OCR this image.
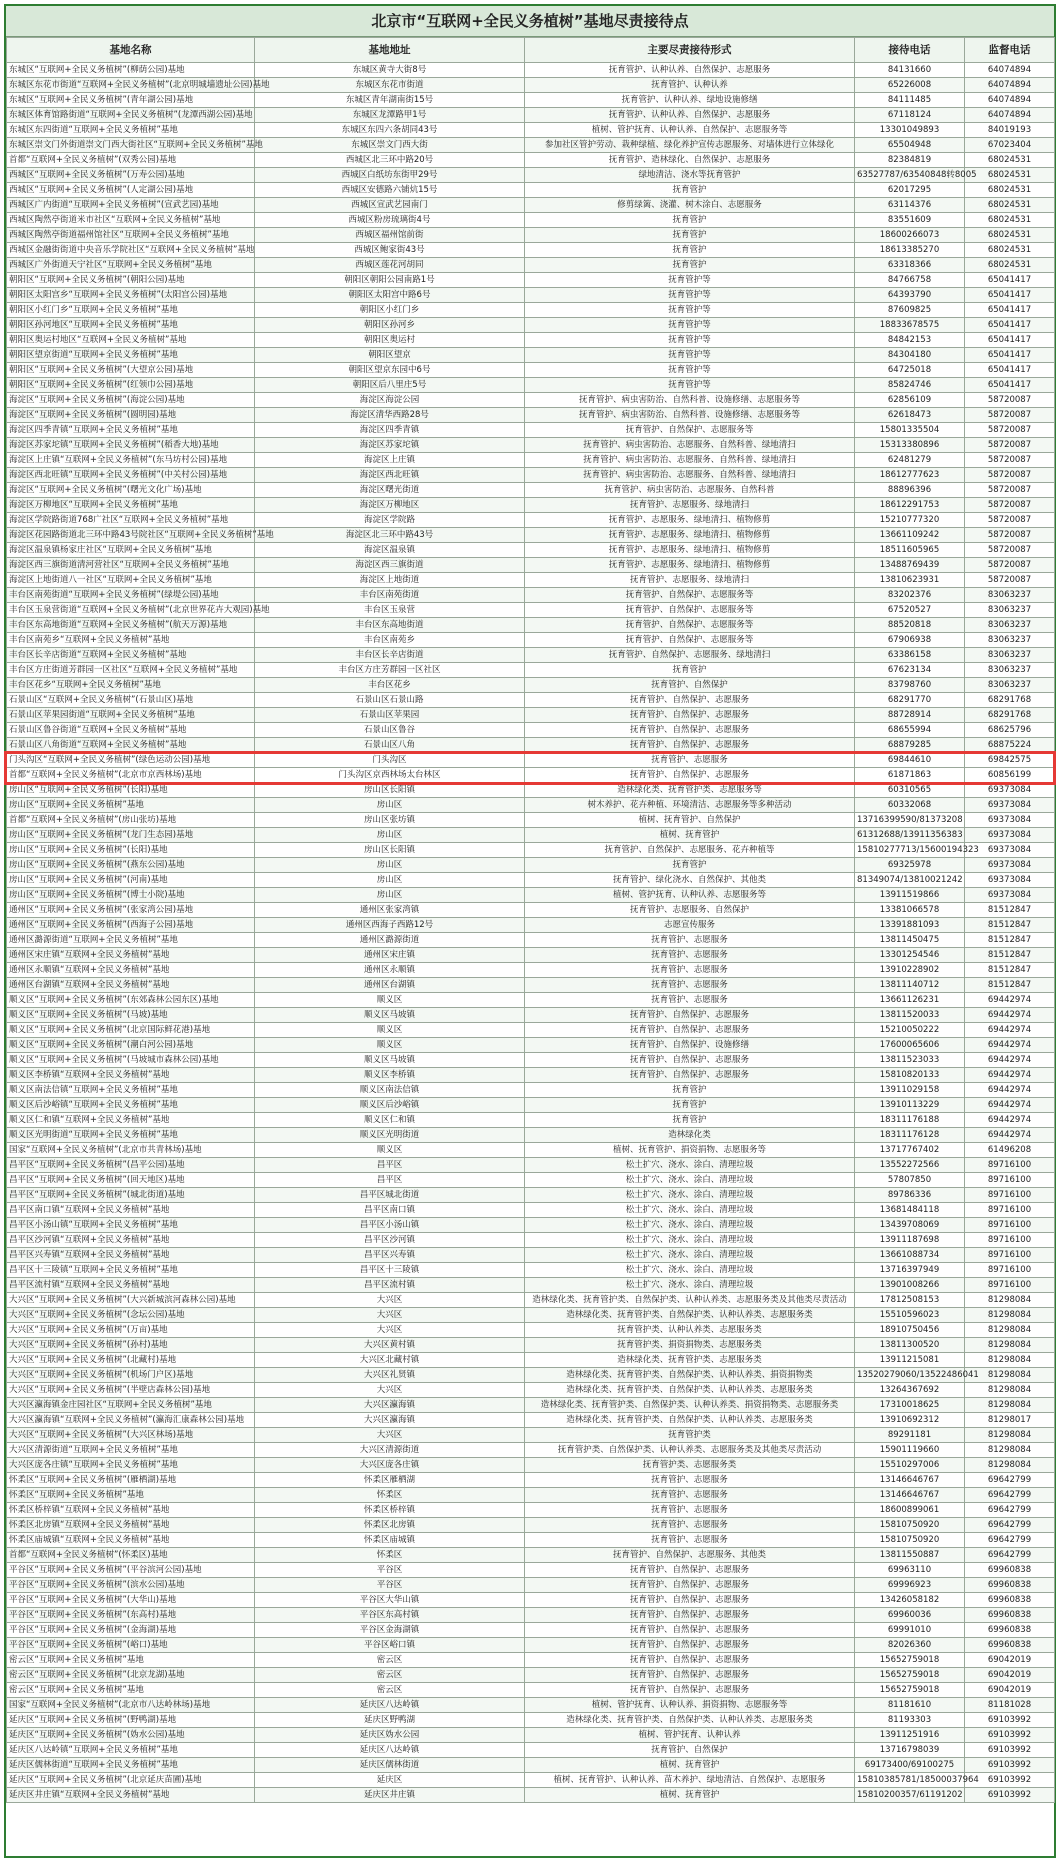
北京市“互联网+全民义务植树”基地尽责接待点
基地名称	基地地址	主要尽责接待形式	接待电话	监督电话
东城区“互联网+全民义务植树”(柳荫公园)基地	东城区黄寺大街8号	抚育管护、认种认养、自然保护、志愿服务	84131660	64074894
东城区东花市街道“互联网+全民义务植树”(北京明城墙遗址公园)基地	东城区东花市街道	抚育管护、认种认养	65226008	64074894
东城区“互联网+全民义务植树”(青年湖公园)基地	东城区青年湖南街15号	抚育管护、认种认养、绿地设施修缮	84111485	64074894
东城区体育馆路街道“互联网+全民义务植树”(龙潭西湖公园)基地	东城区龙潭路甲1号	抚育管护、认种认养、自然保护、志愿服务	67118124	64074894
东城区东四街道“互联网+全民义务植树”基地	东城区东四六条胡同43号	植树、管护抚育、认种认养、自然保护、志愿服务等	13301049893	84019193
东城区崇文门外街道崇文门西大街社区“互联网+全民义务植树”基地	东城区崇文门西大街	参加社区管护劳动、栽种绿植、绿化养护宣传志愿服务、对墙体进行立体绿化	65504948	67023404
首都“互联网+全民义务植树”(双秀公园)基地	西城区北三环中路20号	抚育管护、造林绿化、自然保护、志愿服务	82384819	68024531
西城区“互联网+全民义务植树”(万寿公园)基地	西城区白纸坊东街甲29号	绿地清洁、浇水等抚育管护	63527787/63540848转8005	68024531
西城区“互联网+全民义务植树”(人定湖公园)基地	西城区安德路六铺炕15号	抚育管护	62017295	68024531
西城区广内街道“互联网+全民义务植树”(宣武艺园)基地	西城区宣武艺园南门	修剪绿篱、浇灌、树木涂白、志愿服务	63114376	68024531
西城区陶然亭街道米市社区“互联网+全民义务植树”基地	西城区粉房琉璃街4号	抚育管护	83551609	68024531
西城区陶然亭街道福州馆社区“互联网+全民义务植树”基地	西城区福州馆前街	抚育管护	18600266073	68024531
西城区金融街街道中央音乐学院社区“互联网+全民义务植树”基地	西城区鲍家街43号	抚育管护	18613385270	68024531
西城区广外街道天宁社区“互联网+全民义务植树”基地	西城区莲花河胡同	抚育管护	63318366	68024531
朝阳区“互联网+全民义务植树”(朝阳公园)基地	朝阳区朝阳公园南路1号	抚育管护等	84766758	65041417
朝阳区太阳宫乡“互联网+全民义务植树”(太阳宫公园)基地	朝阳区太阳宫中路6号	抚育管护等	64393790	65041417
朝阳区小红门乡“互联网+全民义务植树”基地	朝阳区小红门乡	抚育管护等	87609825	65041417
朝阳区孙河地区“互联网+全民义务植树”基地	朝阳区孙河乡	抚育管护等	18833678575	65041417
朝阳区奥运村地区“互联网+全民义务植树”基地	朝阳区奥运村	抚育管护等	84842153	65041417
朝阳区望京街道“互联网+全民义务植树”基地	朝阳区望京	抚育管护等	84304180	65041417
朝阳区“互联网+全民义务植树”(大望京公园)基地	朝阳区望京东园中6号	抚育管护等	64725018	65041417
朝阳区“互联网+全民义务植树”(红领巾公园)基地	朝阳区后八里庄5号	抚育管护等	85824746	65041417
海淀区“互联网+全民义务植树”(海淀公园)基地	海淀区海淀公园	抚育管护、病虫害防治、自然科普、设施修缮、志愿服务等	62856109	58720087
海淀区“互联网+全民义务植树”(圆明园)基地	海淀区清华西路28号	抚育管护、病虫害防治、自然科普、设施修缮、志愿服务等	62618473	58720087
海淀区四季青镇“互联网+全民义务植树”基地	海淀区四季青镇	抚育管护、自然保护、志愿服务等	15801335504	58720087
海淀区苏家坨镇“互联网+全民义务植树”(稻香大地)基地	海淀区苏家坨镇	抚育管护、病虫害防治、志愿服务、自然科普、绿地清扫	15313380896	58720087
海淀区上庄镇“互联网+全民义务植树”(东马坊村公园)基地	海淀区上庄镇	抚育管护、病虫害防治、志愿服务、自然科普、绿地清扫	62481279	58720087
海淀区西北旺镇“互联网+全民义务植树”(中关村公园)基地	海淀区西北旺镇	抚育管护、病虫害防治、志愿服务、自然科普、绿地清扫	18612777623	58720087
海淀区“互联网+全民义务植树”(曙光文化广场)基地	海淀区曙光街道	抚育管护、病虫害防治、志愿服务、自然科普	88896396	58720087
海淀区万柳地区“互联网+全民义务植树”基地	海淀区万柳地区	抚育管护、志愿服务、绿地清扫	18612291753	58720087
海淀区学院路街道768广社区“互联网+全民义务植树”基地	海淀区学院路	抚育管护、志愿服务、绿地清扫、植物修剪	15210777320	58720087
海淀区花园路街道北三环中路43号院社区“互联网+全民义务植树”基地	海淀区北三环中路43号	抚育管护、志愿服务、绿地清扫、植物修剪	13661109242	58720087
海淀区温泉镇杨家庄社区“互联网+全民义务植树”基地	海淀区温泉镇	抚育管护、志愿服务、绿地清扫、植物修剪	18511605965	58720087
海淀区西三旗街道清河营社区“互联网+全民义务植树”基地	海淀区西三旗街道	抚育管护、志愿服务、绿地清扫、植物修剪	13488769439	58720087
海淀区上地街道八一社区“互联网+全民义务植树”基地	海淀区上地街道	抚育管护、志愿服务、绿地清扫	13810623931	58720087
丰台区南苑街道“互联网+全民义务植树”(绿堤公园)基地	丰台区南苑街道	抚育管护、自然保护、志愿服务等	83202376	83063237
丰台区玉泉营街道“互联网+全民义务植树”(北京世界花卉大观园)基地	丰台区玉泉营	抚育管护、自然保护、志愿服务等	67520527	83063237
丰台区东高地街道“互联网+全民义务植树”(航天万源)基地	丰台区东高地街道	抚育管护、自然保护、志愿服务等	88520818	83063237
丰台区南苑乡“互联网+全民义务植树”基地	丰台区南苑乡	抚育管护、自然保护、志愿服务等	67906938	83063237
丰台区长辛店街道“互联网+全民义务植树”基地	丰台区长辛店街道	抚育管护、自然保护、志愿服务、绿地清扫	63386158	83063237
丰台区方庄街道芳群园一区社区“互联网+全民义务植树”基地	丰台区方庄芳群园一区社区	抚育管护	67623134	83063237
丰台区花乡“互联网+全民义务植树”基地	丰台区花乡	抚育管护、自然保护	83798760	83063237
石景山区“互联网+全民义务植树”(石景山区)基地	石景山区石景山路	抚育管护、自然保护、志愿服务	68291770	68291768
石景山区苹果园街道“互联网+全民义务植树”基地	石景山区苹果园	抚育管护、自然保护、志愿服务	88728914	68291768
石景山区鲁谷街道“互联网+全民义务植树”基地	石景山区鲁谷	抚育管护、自然保护、志愿服务	68655994	68625796
石景山区八角街道“互联网+全民义务植树”基地	石景山区八角	抚育管护、自然保护、志愿服务	68879285	68875224
门头沟区“互联网+全民义务植树”(绿色运动公园)基地	门头沟区	抚育管护、志愿服务	69844610	69842575
首都“互联网+全民义务植树”(北京市京西林场)基地	门头沟区京西林场太台林区	抚育管护、自然保护、志愿服务	61871863	60856199
房山区“互联网+全民义务植树”(长阳)基地	房山区长阳镇	造林绿化类、抚育管护类、志愿服务等	60310565	69373084
房山区“互联网+全民义务植树”基地	房山区	树木养护、花卉种植、环境清洁、志愿服务等多种活动	60332068	69373084
首都“互联网+全民义务植树”(房山张坊)基地	房山区张坊镇	植树、抚育管护、自然保护	13716399590/81373208	69373084
房山区“互联网+全民义务植树”(龙门生态园)基地	房山区	植树、抚育管护	61312688/13911356383	69373084
房山区“互联网+全民义务植树”(长阳)基地	房山区长阳镇	抚育管护、自然保护、志愿服务、花卉种植等	15810277713/15600194323	69373084
房山区“互联网+全民义务植树”(燕东公园)基地	房山区	抚育管护	69325978	69373084
房山区“互联网+全民义务植树”(河南)基地	房山区	抚育管护、绿化浇水、自然保护、其他类	81349074/13810021242	69373084
房山区“互联网+全民义务植树”(博士小院)基地	房山区	植树、管护抚育、认种认养、志愿服务等	13911519866	69373084
通州区“互联网+全民义务植树”(张家湾公园)基地	通州区张家湾镇	抚育管护、志愿服务、自然保护	13381066578	81512847
通州区“互联网+全民义务植树”(西海子公园)基地	通州区西海子西路12号	志愿宣传服务	13391881093	81512847
通州区潞源街道“互联网+全民义务植树”基地	通州区潞源街道	抚育管护、志愿服务	13811450475	81512847
通州区宋庄镇“互联网+全民义务植树”基地	通州区宋庄镇	抚育管护、志愿服务	13301254546	81512847
通州区永顺镇“互联网+全民义务植树”基地	通州区永顺镇	抚育管护、志愿服务	13910228902	81512847
通州区台湖镇“互联网+全民义务植树”基地	通州区台湖镇	抚育管护、志愿服务	13811140712	81512847
顺义区“互联网+全民义务植树”(东郊森林公园东区)基地	顺义区	抚育管护、志愿服务	13661126231	69442974
顺义区“互联网+全民义务植树”(马坡)基地	顺义区马坡镇	抚育管护、自然保护、志愿服务	13811520033	69442974
顺义区“互联网+全民义务植树”(北京国际鲜花港)基地	顺义区	抚育管护、自然保护、志愿服务	15210050222	69442974
顺义区“互联网+全民义务植树”(潮白河公园)基地	顺义区	抚育管护、自然保护、设施修缮	17600065606	69442974
顺义区“互联网+全民义务植树”(马坡城市森林公园)基地	顺义区马坡镇	抚育管护、自然保护、志愿服务	13811523033	69442974
顺义区李桥镇“互联网+全民义务植树”基地	顺义区李桥镇	抚育管护、自然保护、志愿服务	15810820133	69442974
顺义区南法信镇“互联网+全民义务植树”基地	顺义区南法信镇	抚育管护	13911029158	69442974
顺义区后沙峪镇“互联网+全民义务植树”基地	顺义区后沙峪镇	抚育管护	13910113229	69442974
顺义区仁和镇“互联网+全民义务植树”基地	顺义区仁和镇	抚育管护	18311176188	69442974
顺义区光明街道“互联网+全民义务植树”基地	顺义区光明街道	造林绿化类	18311176128	69442974
国家“互联网+全民义务植树”(北京市共青林场)基地	顺义区	植树、抚育管护、捐资捐物、志愿服务等	13717767402	61496208
昌平区“互联网+全民义务植树”(昌平公园)基地	昌平区	松土扩穴、浇水、涂白、清理垃圾	13552272566	89716100
昌平区“互联网+全民义务植树”(回天地区)基地	昌平区	松土扩穴、浇水、涂白、清理垃圾	57807850	89716100
昌平区“互联网+全民义务植树”(城北街道)基地	昌平区城北街道	松土扩穴、浇水、涂白、清理垃圾	89786336	89716100
昌平区南口镇“互联网+全民义务植树”基地	昌平区南口镇	松土扩穴、浇水、涂白、清理垃圾	13681484118	89716100
昌平区小汤山镇“互联网+全民义务植树”基地	昌平区小汤山镇	松土扩穴、浇水、涂白、清理垃圾	13439708069	89716100
昌平区沙河镇“互联网+全民义务植树”基地	昌平区沙河镇	松土扩穴、浇水、涂白、清理垃圾	13911187698	89716100
昌平区兴寿镇“互联网+全民义务植树”基地	昌平区兴寿镇	松土扩穴、浇水、涂白、清理垃圾	13661088734	89716100
昌平区十三陵镇“互联网+全民义务植树”基地	昌平区十三陵镇	松土扩穴、浇水、涂白、清理垃圾	13716397949	89716100
昌平区流村镇“互联网+全民义务植树”基地	昌平区流村镇	松土扩穴、浇水、涂白、清理垃圾	13901008266	89716100
大兴区“互联网+全民义务植树”(大兴新城滨河森林公园)基地	大兴区	造林绿化类、抚育管护类、自然保护类、认种认养类、志愿服务类及其他类尽责活动	17812508153	81298084
大兴区“互联网+全民义务植树”(念坛公园)基地	大兴区	造林绿化类、抚育管护类、自然保护类、认种认养类、志愿服务类	15510596023	81298084
大兴区“互联网+全民义务植树”(万亩)基地	大兴区	抚育管护类、认种认养类、志愿服务类	18910750456	81298084
大兴区“互联网+全民义务植树”(孙村)基地	大兴区黄村镇	抚育管护类、捐资捐物类、志愿服务类	13811300520	81298084
大兴区“互联网+全民义务植树”(北藏村)基地	大兴区北藏村镇	造林绿化类、抚育管护类、志愿服务类	13911215081	81298084
大兴区“互联网+全民义务植树”(机场门户区)基地	大兴区礼贤镇	造林绿化类、抚育管护类、自然保护类、认种认养类、捐资捐物类	13520279060/13522486041	81298084
大兴区“互联网+全民义务植树”(半壁店森林公园)基地	大兴区	造林绿化类、抚育管护类、自然保护类、认种认养类、志愿服务类	13264367692	81298084
大兴区瀛海镇金庄园社区“互联网+全民义务植树”基地	大兴区瀛海镇	造林绿化类、抚育管护类、自然保护类、认种认养类、捐资捐物类、志愿服务类	17310018625	81298084
大兴区瀛海镇“互联网+全民义务植树”(瀛海汇康森林公园)基地	大兴区瀛海镇	造林绿化类、抚育管护类、自然保护类、认种认养类、志愿服务类	13910692312	81298017
大兴区“互联网+全民义务植树”(大兴区林场)基地	大兴区	抚育管护类	89291181	81298084
大兴区清源街道“互联网+全民义务植树”基地	大兴区清源街道	抚育管护类、自然保护类、认种认养类、志愿服务类及其他类尽责活动	15901119660	81298084
大兴区庞各庄镇“互联网+全民义务植树”基地	大兴区庞各庄镇	抚育管护类、志愿服务类	15510297006	81298084
怀柔区“互联网+全民义务植树”(雁栖湖)基地	怀柔区雁栖湖	抚育管护、志愿服务	13146646767	69642799
怀柔区“互联网+全民义务植树”基地	怀柔区	抚育管护、志愿服务	13146646767	69642799
怀柔区桥梓镇“互联网+全民义务植树”基地	怀柔区桥梓镇	抚育管护、志愿服务	18600899061	69642799
怀柔区北房镇“互联网+全民义务植树”基地	怀柔区北房镇	抚育管护、志愿服务	15810750920	69642799
怀柔区庙城镇“互联网+全民义务植树”基地	怀柔区庙城镇	抚育管护、志愿服务	15810750920	69642799
首都“互联网+全民义务植树”(怀柔区)基地	怀柔区	抚育管护、自然保护、志愿服务、其他类	13811550887	69642799
平谷区“互联网+全民义务植树”(平谷滨河公园)基地	平谷区	抚育管护、自然保护、志愿服务	69963110	69960838
平谷区“互联网+全民义务植树”(滨水公园)基地	平谷区	抚育管护、自然保护、志愿服务	69996923	69960838
平谷区“互联网+全民义务植树”(大华山)基地	平谷区大华山镇	抚育管护、自然保护、志愿服务	13426058182	69960838
平谷区“互联网+全民义务植树”(东高村)基地	平谷区东高村镇	抚育管护、自然保护、志愿服务	69960036	69960838
平谷区“互联网+全民义务植树”(金海湖)基地	平谷区金海湖镇	抚育管护、自然保护、志愿服务	69991010	69960838
平谷区“互联网+全民义务植树”(峪口)基地	平谷区峪口镇	抚育管护、自然保护、志愿服务	82026360	69960838
密云区“互联网+全民义务植树”基地	密云区	抚育管护、自然保护、志愿服务	15652759018	69042019
密云区“互联网+全民义务植树”(北京龙湖)基地	密云区	抚育管护、自然保护、志愿服务	15652759018	69042019
密云区“互联网+全民义务植树”基地	密云区	抚育管护、自然保护、志愿服务	15652759018	69042019
国家“互联网+全民义务植树”(北京市八达岭林场)基地	延庆区八达岭镇	植树、管护抚育、认种认养、捐资捐物、志愿服务等	81181610	81181028
延庆区“互联网+全民义务植树”(野鸭湖)基地	延庆区野鸭湖	造林绿化类、抚育管护类、自然保护类、认种认养类、志愿服务类	81193303	69103992
延庆区“互联网+全民义务植树”(妫水公园)基地	延庆区妫水公园	植树、管护抚育、认种认养	13911251916	69103992
延庆区八达岭镇“互联网+全民义务植树”基地	延庆区八达岭镇	抚育管护、自然保护	13716798039	69103992
延庆区儒林街道“互联网+全民义务植树”基地	延庆区儒林街道	植树、抚育管护	69173400/69100275	69103992
延庆区“互联网+全民义务植树”(北京延庆苗圃)基地	延庆区	植树、抚育管护、认种认养、苗木养护、绿地清洁、自然保护、志愿服务	15810385781/18500037964	69103992
延庆区井庄镇“互联网+全民义务植树”基地	延庆区井庄镇	植树、抚育管护	15810200357/61191202	69103992
